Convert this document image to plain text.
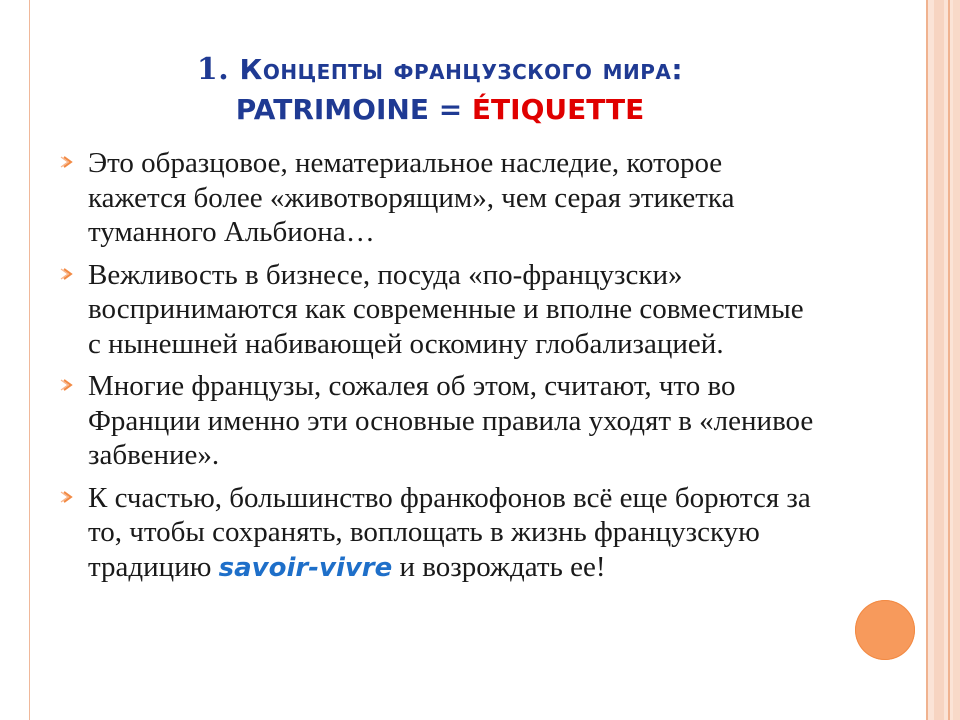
1. Концепты французского мира:
PATRIMOINE = ÉTIQUETTE
Это образцовое, нематериальное наследие, которое кажется более «животворящим», чем серая этикетка туманного Альбиона…
Вежливость в бизнесе, посуда «по-французски» воспринимаются как современные и вполне совместимые с нынешней набивающей оскомину глобализацией.
Многие французы, сожалея об этом, считают, что во Франции именно эти основные правила уходят в «ленивое забвение».
К счастью, большинство франкофонов всё еще борются за то, чтобы сохранять, воплощать в жизнь французскую традицию savoir-vivre и возрождать ее!
